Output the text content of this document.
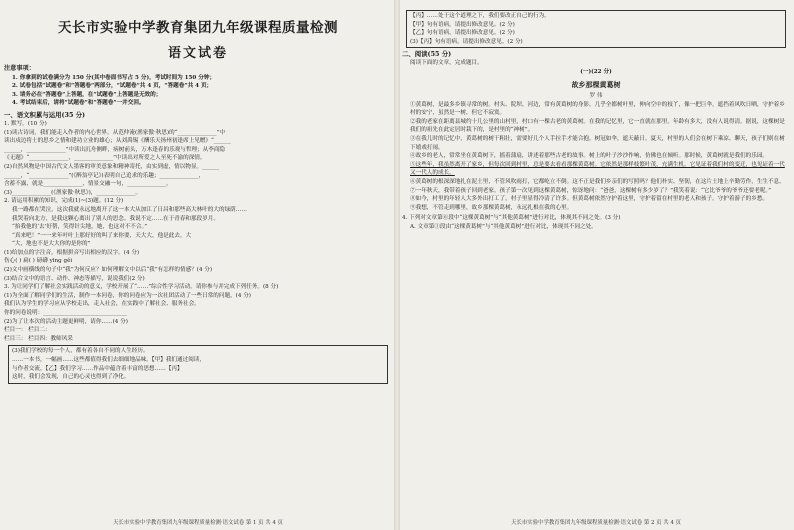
天长市实验中学教育集团九年级课程质量检测
语文试卷
注意事项：

1. 你拿到的试卷满分为 150 分(其中卷面书写占 5 分)，考试时间为 150 分钟；

2. 试卷包括“试题卷”和“答题卷”两部分，“试题卷”共 4 页，“答题卷”共 4 页；

3. 请务必在“答题卷”上答题，在“试题卷”上答题是无效的；

4. 考试结束后，请将“试题卷”和“答题卷”一并交回。

一、语文积累与运用(35 分)

1. 默写。(10 分)

(1)读古诗词，我们能走入作者的内心世界。从范仲淹(渔家傲·秋思)的“______________”中

读出戍边将士的思乡之情和建功立业的雄心；从刘禹锡《酬乐天扬州初逢席上见赠》“______

______，______________”中读出沉舟侧畔，病树前头，万木逢春的乐观与哲理；从李商隐

《无题》“______________，______________”中读出对所爱之人至死不渝的深情。

(2)自然风物是中国古代文人墨客的审美意象和精神寄托，由实到虚，情以物显。______

______，“______________”(《醉翁亭记》)表明自己追求的乐趣；______________，

含蓄不露，就是______________，情景交融一句，______________。

(3)______________(《渔家傲·秋思》)，______________。

2. 请运用积累的知识，完成(1)~(3)题。(12 分)

我一路都在哭泣，这次我就永远地离开了这一本大从加江了日昌和那些高大林叶的大的绿荫……

我哭着向北方，是我这颗心离出了别人的思念。我说不定……在于青春和那段岁月。

“抬我他的‘去’好帮，笑得针尖地，她，也这对不不合。”

“真来吧！”一一来年叶叶上那好好的叫了来你要，天大大，他是此去。大

“大，地也不是大大你的是你的”

(1)给加点的字注音，根据拼音写出相应的汉字。(4 分)

伤心( ) 扁( ) 磅礴 yīnɡ gěi

(2)文中画横线的句子中“我”为何反应？如何理解文中以后“我”有怎样的情感？(4 分)

(3)结合文中的语言、动作、神态等描写，说说我们(2 分)

3. 为让同学们了解社会实践活动的意义，学校开展了“……”综合性学习活动。请你参与并完成下列任务。(8 分)

(1)为全面了解同学们的生活，制作一本问卷，你的问卷应为一次社团活动了一些日常的问题，(4 分)

我们认为学生的学习应从学校走出，走入社会，在实践中了解社会、服务社会。

你的问卷说明：______________________________

(2)为了让本次的活动主题更鲜明，请你……(4 分)

栏目一： 栏目二：

栏目三： 栏目四：教师风采

(3)我们学校的每一个人，都有着各自不同的人生经历。

……一本书，一幅画……这些都值得我们去细细地品味。【甲】我们通过阅读，

与作者交流，【乙】我们学习……作品中蕴含着丰富的思想……【丙】

这时，我们会发现，自己的心灵也得到了净化。

天长市实验中学教育集团九年级课程质量检测·语文试卷 第 1 页 共 4 页

【丙】……处于这个道理之下，我们要改正自己的行为。

【甲】句有语病，请提出修改意见。(2 分)

【乙】句有语病，请提出修改意见。(2 分)

(3)【丙】句有语病，请提出修改意见。(2 分)

二、阅读(55 分)
阅读下面的文章，完成题目。
(一)(22 分)
故乡那棵黄葛树
罗 伟

①黄葛树，是最多乡镇寻常的树。村头、院坝、河边，常有黄葛树的身影。几乎全都树叶里，伸向空中的枝丫，像一把巨伞，遮挡着风吹日晒，守护着乡村的安宁，虽然是一树，但它不寂寞。

②我的老家在距离县城约十几公里的山村里，村口有一棵古老的黄葛树。在我的记忆里，它一直就在那里。年龄有多大，没有人说得清。据说，这棵树是我们的祖先在此定居时栽下的，是村里的“神树”。

③在我儿时的记忆中，黄葛树的树干粗壮，需要好几个人手拉手才能合抱。树冠如伞，遮天蔽日。夏天，村里的人们会在树下乘凉、聊天，孩子们则在树下嬉戏打闹。

④故乡的老人，常常坐在黄葛树下，摇着蒲扇，讲述着那些古老的故事。树上的叶子沙沙作响，仿佛也在倾听。那时候，黄葛树就是我们的乐园。

⑤这些年，我虽然离开了家乡，但每次回到村里，总是要去看看那棵黄葛树。它依然是那样枝繁叶茂，充满生机。它见证着我们村的变迁，也见证着一代又一代人的成长。

⑥黄葛树的根深深地扎在泥土里，不管风吹雨打，它都屹立不倒。这不正是我们乡亲们的写照吗？他们朴实、坚韧，在这片土地上辛勤劳作，生生不息。

⑦一年秋天，我带着孩子回到老家。孩子第一次见到这棵黄葛树，惊讶地问：“爸爸，这棵树有多少岁了？”我笑着说：“它比爷爷的爷爷还要老呢。”

⑧如今，村里的年轻人大多外出打工了，村子里显得冷清了许多。但黄葛树依然守护着这里，守护着留在村里的老人和孩子，守护着游子的乡愁。

⑨我想，不管走到哪里，故乡那棵黄葛树，永远扎根在我的心里。

4. 下列对文章第⑥段中“这棵黄葛树”与“其他黄葛树”进行对比，体现其不同之处。(3 分)

A. 文章第①段由“这棵黄葛树”与“其他黄葛树”进行对比，体现其不同之处。

天长市实验中学教育集团九年级课程质量检测·语文试卷 第 2 页 共 4 页
